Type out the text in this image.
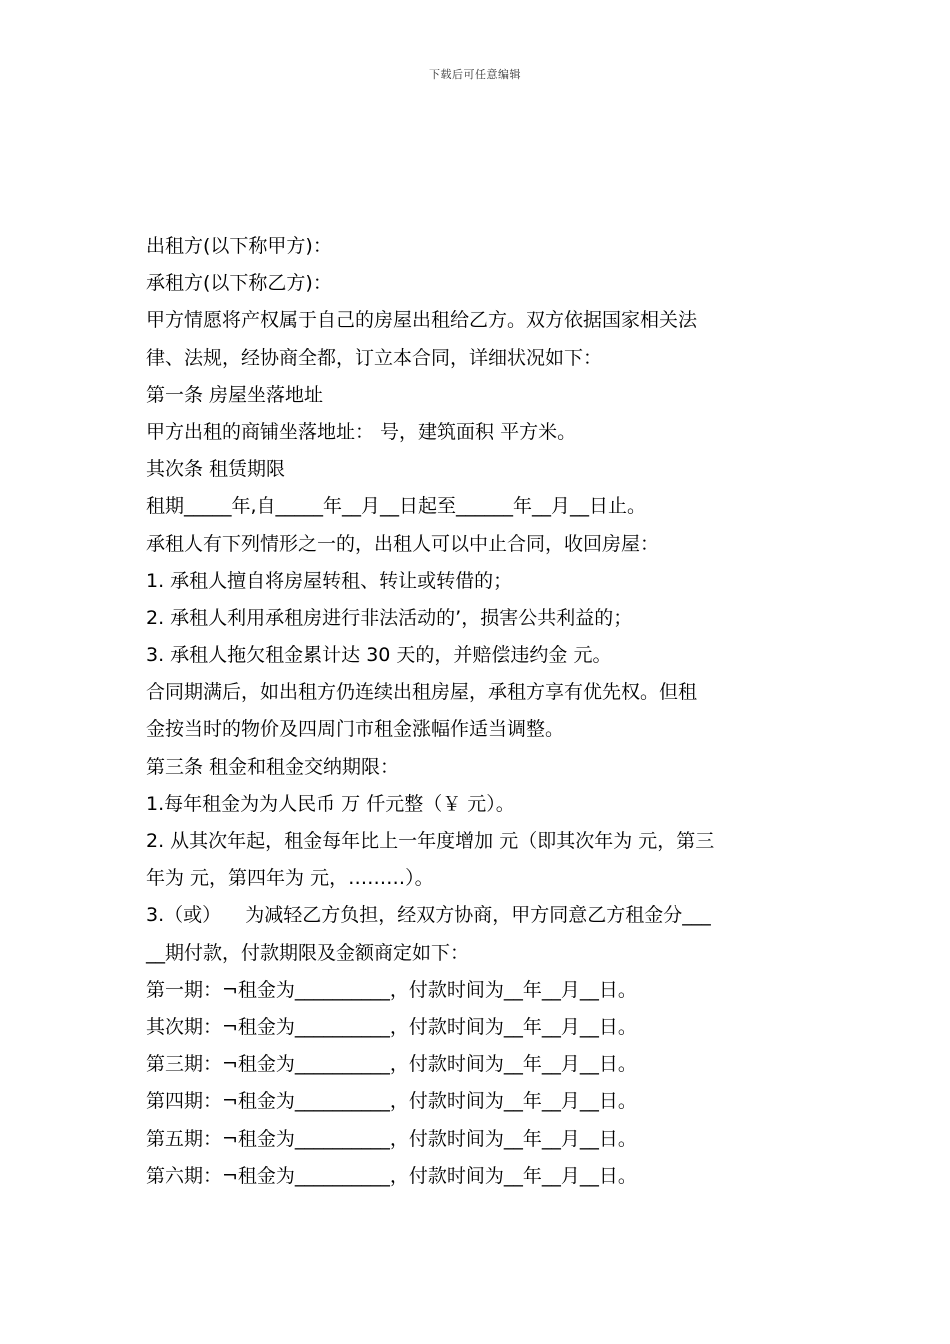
下载后可任意编辑
出租方(以下称甲方)：
承租方(以下称乙方)：
甲方情愿将产权属于自己的房屋出租给乙方。双方依据国家相关法
律、法规，经协商全都，订立本合同，详细状况如下：
第一条 房屋坐落地址
甲方出租的商铺坐落地址： 号，建筑面积 平方米。
其次条 租赁期限
租期_____年,自_____年__月__日起至______年__月__日止。
承租人有下列情形之一的，出租人可以中止合同，收回房屋：
1. 承租人擅自将房屋转租、转让或转借的；
2. 承租人利用承租房进行非法活动的’，损害公共利益的；
3. 承租人拖欠租金累计达 30 天的，并赔偿违约金 元。
合同期满后，如出租方仍连续出租房屋，承租方享有优先权。但租
金按当时的物价及四周门市租金涨幅作适当调整。
第三条 租金和租金交纳期限：
1.每年租金为为人民币 万 仟元整（￥ 元）。
2. 从其次年起，租金每年比上一年度增加 元（即其次年为 元，第三
年为 元，第四年为 元，………）。
3.（或）    为减轻乙方负担，经双方协商，甲方同意乙方租金分___
__期付款，付款期限及金额商定如下：
第一期：¬租金为__________，付款时间为__年__月__日。
其次期：¬租金为__________，付款时间为__年__月__日。
第三期：¬租金为__________，付款时间为__年__月__日。
第四期：¬租金为__________，付款时间为__年__月__日。
第五期：¬租金为__________，付款时间为__年__月__日。
第六期：¬租金为__________，付款时间为__年__月__日。
